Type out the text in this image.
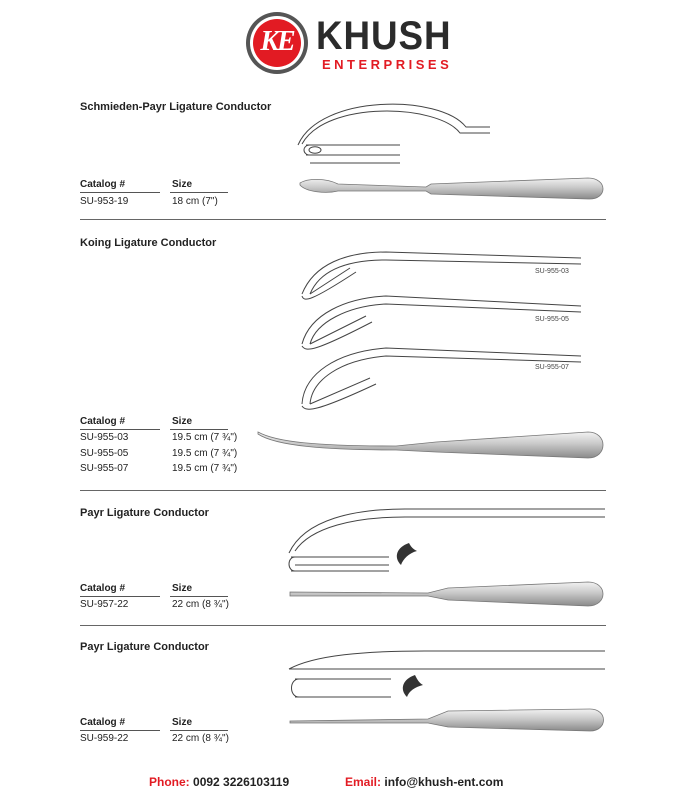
KE KHUSH
ENTERPRISES
Schmieden-Payr Ligature Conductor
Catalog #	Size
SU-953-19	18 cm (7")
Koing Ligature Conductor
SU-955-03
SU-955-05
SU-955-07
Catalog #	Size
SU-955-03	19.5 cm (7 ¾")
SU-955-05	19.5 cm (7 ¾")
SU-955-07	19.5 cm (7 ¾")
Payr Ligature Conductor
Catalog #	Size
SU-957-22	22 cm (8 ¾")
Payr Ligature Conductor
Catalog #	Size
SU-959-22	22 cm (8 ¾")
Phone: 0092 3226103119	Email: info@khush-ent.com
